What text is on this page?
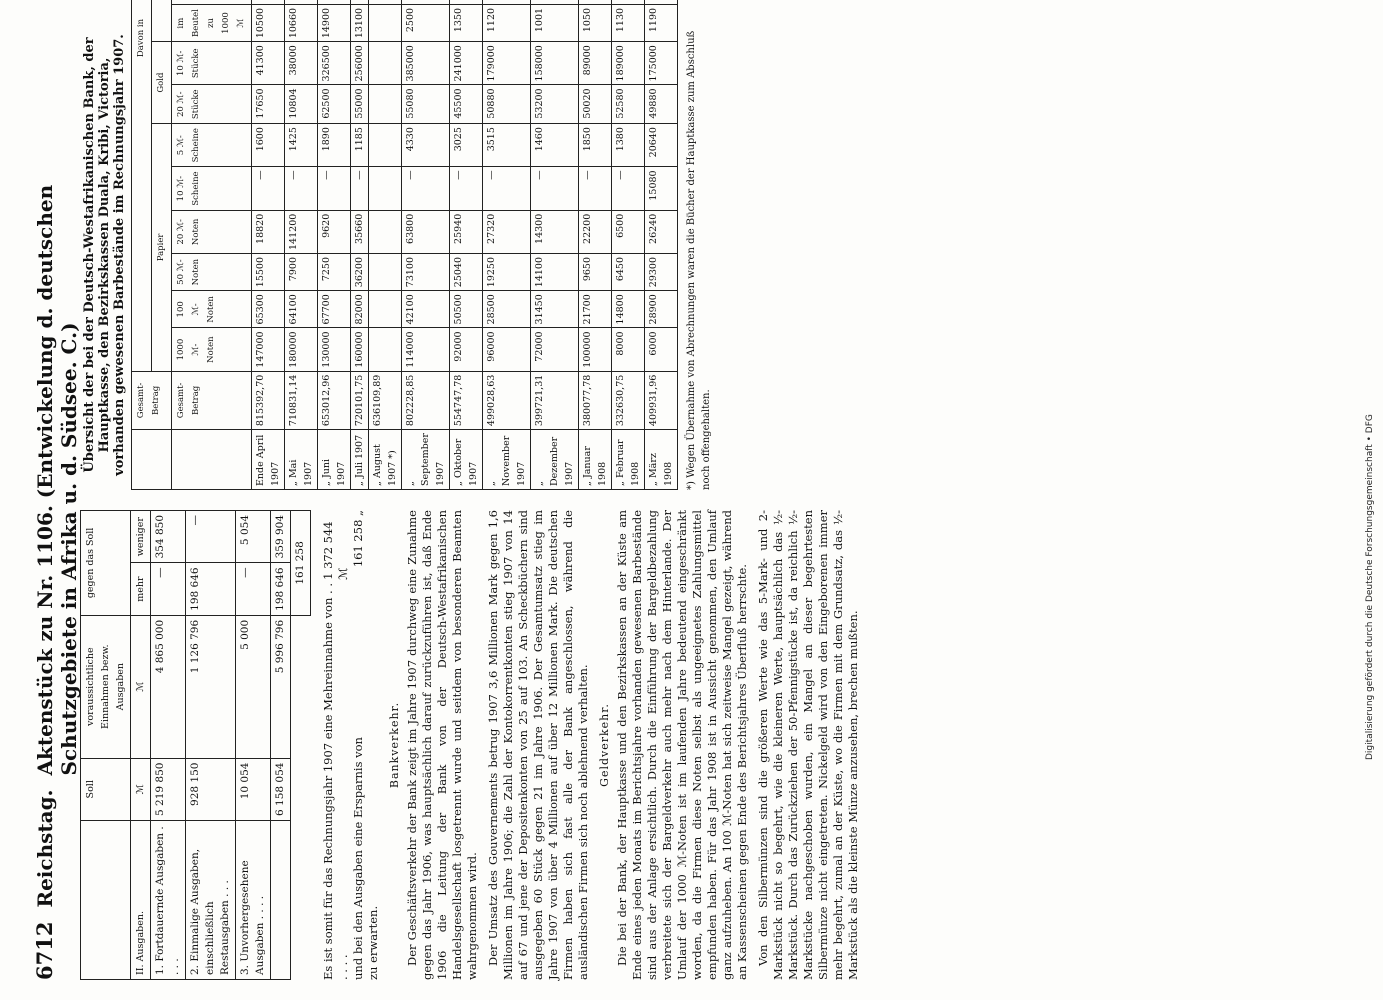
6712
Reichstag.
Aktenstück zu Nr. 1106. (Entwickelung d. deutschen Schutzgebiete in Afrika u. d. Südsee. C.)
	Soll	voraussichtliche Einnahmen bezw. Ausgaben	gegen das Soll	
II. Ausgaben.	ℳ	ℳ	mehr	weniger
1. Fortdauernde Ausgaben . . . .	5 219 850	4 865 000	—	354 850
2. Einmalige Ausgaben, einschließlich Restausgaben . . .	928 150	1 126 796	198 646	—
3. Unvorhergesehene Ausgaben . . . .	10 054	5 000	—	5 054
	6 158 054	5 996 796	198 646	359 904
			161 258	
Es ist somit für das Rechnungsjahr 1907 eine Mehreinnahme von . . . . . .
1 372 544 ℳ
und bei den Ausgaben eine Ersparnis von
161 258 „
zu erwarten.
Bankverkehr. Der Geschäftsverkehr der Bank zeigt im Jahre 1907 durchweg eine Zunahme gegen das Jahr 1906, was hauptsächlich darauf zurückzuführen ist, daß Ende 1906 die Leitung der Bank von der Deutsch-Westafrikanischen Handelsgesellschaft losgetrennt wurde und seitdem von besonderen Beamten wahrgenommen wird. Der Umsatz des Gouvernements betrug 1907 3,6 Millionen Mark gegen 1,6 Millionen im Jahre 1906; die Zahl der Kontokorrentkonten stieg 1907 von 14 auf 67 und jene der Depositenkonten von 25 auf 103. An Scheckbüchern sind ausgegeben 60 Stück gegen 21 im Jahre 1906. Der Gesamtumsatz stieg im Jahre 1907 von über 4 Millionen auf über 12 Millionen Mark. Die deutschen Firmen haben sich fast alle der Bank angeschlossen, während die ausländischen Firmen sich noch ablehnend verhalten. Geldverkehr. Die bei der Bank, der Hauptkasse und den Bezirkskassen an der Küste am Ende eines jeden Monats im Berichtsjahre vorhanden gewesenen Barbestände sind aus der Anlage ersichtlich. Durch die Einführung der Bargeldbezahlung verbreitete sich der Bargeldverkehr auch mehr nach dem Hinterlande. Der Umlauf der 1000 ℳ-Noten ist im laufenden Jahre bedeutend eingeschränkt worden, da die Firmen diese Noten selbst als ungeeignetes Zahlungsmittel empfunden haben. Für das Jahr 1908 ist in Aussicht genommen, den Umlauf ganz aufzuheben. An 100 ℳ-Noten hat sich zeitweise Mangel gezeigt, während an Kassenscheinen gegen Ende des Berichtsjahres Überfluß herrschte. Von den Silbermünzen sind die größeren Werte wie das 5-Mark- und 2-Markstück nicht so begehrt, wie die kleineren Werte, hauptsächlich das ½-Markstück. Durch das Zurückziehen der 50-Pfennigstücke ist, da reichlich ½-Markstücke nachgeschoben wurden, ein Mangel an dieser begehrtesten Silbermünze nicht eingetreten. Nickelgeld wird von den Eingeborenen immer mehr begehrt, zumal an der Küste, wo die Firmen mit dem Grundsatz, das ½-Markstück als die kleinste Münze anzusehen, brechen mußten.

Übersicht der bei der Deutsch-Westafrikanischen Bank, der Hauptkasse, den Bezirkskassen Duala, Kribi, Victoria, vorhanden gewesenen Barbestände im Rechnungsjahr 1907.
	Gesamt-Betrag	Davon in															
		Papier						Gold		
	Gesamt-Betrag	1000 ℳ-Noten	100 ℳ-Noten	50 ℳ-Noten	20 ℳ-Noten	10 ℳ-Scheine	5 ℳ-Scheine	20 ℳ-Stücke	10 ℳ-Stücke	im Beutel zu 1000 ℳ							
Ende April 1907	815392,70	147000	65300	15500	18820	—	1600	17650	41300	10500							
„ Mai 1907	710831,14	180000	64100	7900	141200	—	1425	10804	38000	10660							
„ Juni 1907	653012,96	130000	67700	7250	9620	—	1890	62500	326500	14900							
„ Juli 1907	720101,75	160000	82000	36200	35660	—	1185	55000	256000	13100							
„ August 1907 *)	636109,89																
„ September 1907	802228,85	114000	42100	73100	63800	—	4330	55080	385000	2500							
„ Oktober 1907	554747,78	92000	50500	25040	25940	—	3025	45500	241000	1350							
„ November 1907	499028,63	96000	28500	19250	27320	—	3515	50880	179000	1120							
„ Dezember 1907	399721,31	72000	31450	14100	14300	—	1460	53200	158000	1001							
„ Januar 1908	380077,78	100000	21700	9650	22200	—	1850	50020	89000	1050							
„ Februar 1908	332630,75	8000	14800	6450	6500	—	1380	52580	189000	1130							
„ März 1908	409931,96	6000	28900	29300	26240	15080	20640	49880	175000	1190							
*) Wegen Übernahme von Abrechnungen waren die Bücher der Hauptkasse zum Abschluß noch offengehalten.	Digitalisierung gefördert durch die Deutsche Forschungsgemeinschaft • DFG
